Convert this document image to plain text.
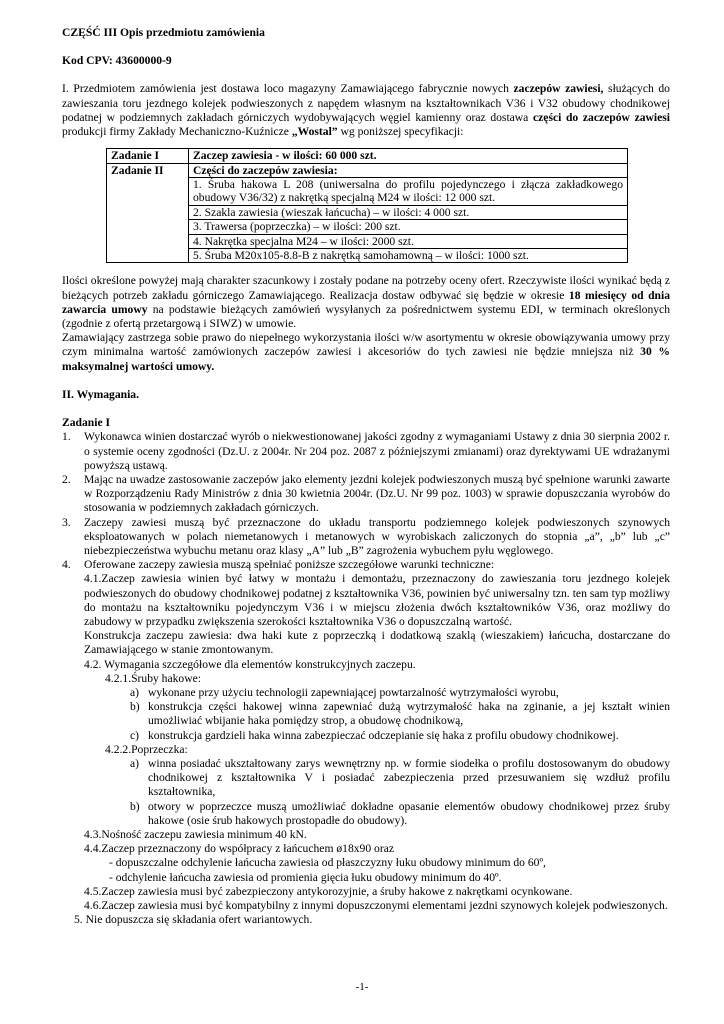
CZĘŚĆ III Opis przedmiotu zamówienia

Kod CPV: 43600000-9

I. Przedmiotem zamówienia jest dostawa loco magazyny Zamawiającego fabrycznie nowych zaczepów zawiesi, służących do zawieszania toru jezdnego kolejek podwieszonych z napędem własnym na kształtownikach V36 i V32 obudowy chodnikowej podatnej w podziemnych zakładach górniczych wydobywających węgiel kamienny oraz dostawa części do zaczepów zawiesi produkcji firmy Zakłady Mechaniczno-Kuźnicze „Wostal” wg poniższej specyfikacji:

Zadanie I	Zaczep zawiesia - w ilości: 60 000 szt.
Zadanie II	Części do zaczepów zawiesia:
	1. Śruba hakowa L 208 (uniwersalna do profilu pojedynczego i złącza zakładkowego obudowy V36/32) z nakrętką specjalną M24 w ilości: 12 000 szt.
	2. Szakla zawiesia (wieszak łańcucha) – w ilości: 4 000 szt.
	3. Trawersa (poprzeczka) – w ilości: 200 szt.
	4. Nakrętka specjalna M24 – w ilości: 2000 szt.
	5. Śruba M20x105-8.8-B z nakrętką samohamowną – w ilości: 1000 szt.

Ilości określone powyżej mają charakter szacunkowy i zostały podane na potrzeby oceny ofert. Rzeczywiste ilości wynikać będą z bieżących potrzeb zakładu górniczego Zamawiającego. Realizacja dostaw odbywać się będzie w okresie 18 miesięcy od dnia zawarcia umowy na podstawie bieżących zamówień wysyłanych za pośrednictwem systemu EDI, w terminach określonych (zgodnie z ofertą przetargową i SIWZ) w umowie.

Zamawiający zastrzega sobie prawo do niepełnego wykorzystania ilości w/w asortymentu w okresie obowiązywania umowy przy czym minimalna wartość zamówionych zaczepów zawiesi i akcesoriów do tych zawiesi nie będzie mniejsza niż 30 % maksymalnej wartości umowy.

II. Wymagania.

Zadanie I

1. Wykonawca winien dostarczać wyrób o niekwestionowanej jakości zgodny z wymaganiami Ustawy z dnia 30 sierpnia 2002 r. o systemie oceny zgodności (Dz.U. z 2004r. Nr 204 poz. 2087 z późniejszymi zmianami) oraz dyrektywami UE wdrażanymi powyższą ustawą.
2. Mając na uwadze zastosowanie zaczepów jako elementy jezdni kolejek podwieszonych muszą być spełnione warunki zawarte w Rozporządzeniu Rady Ministrów z dnia 30 kwietnia 2004r. (Dz.U. Nr 99 poz. 1003) w sprawie dopuszczania wyrobów do stosowania w podziemnych zakładach górniczych.
3. Zaczepy zawiesi muszą być przeznaczone do układu transportu podziemnego kolejek podwieszonych szynowych eksploatowanych w polach niemetanowych i metanowych w wyrobiskach zaliczonych do stopnia „a”, „b” lub „c” niebezpieczeństwa wybuchu metanu oraz klasy „A” lub „B” zagrożenia wybuchem pyłu węglowego.
4. Oferowane zaczepy zawiesia muszą spełniać poniższe szczegółowe warunki techniczne:

4.1.Zaczep zawiesia winien być łatwy w montażu i demontażu, przeznaczony do zawieszania toru jezdnego kolejek podwieszonych do obudowy chodnikowej podatnej z kształtownika V36, powinien być uniwersalny tzn. ten sam typ możliwy do montażu na kształtowniku pojedynczym V36 i w miejscu złożenia dwóch kształtowników V36, oraz możliwy do zabudowy w przypadku zwiększenia szerokości kształtownika V36 o dopuszczalną wartość.

Konstrukcja zaczepu zawiesia: dwa haki kute z poprzeczką i dodatkową szaklą (wieszakiem) łańcucha, dostarczane do Zamawiającego w stanie zmontowanym.

4.2. Wymagania szczegółowe dla elementów konstrukcyjnych zaczepu.

4.2.1.Śruby hakowe:

a) wykonane przy użyciu technologii zapewniającej powtarzalność wytrzymałości wyrobu,
b) konstrukcja części hakowej winna zapewniać dużą wytrzymałość haka na zginanie, a jej kształt winien umożliwiać wbijanie haka pomiędzy strop, a obudowę chodnikową,
c) konstrukcja gardzieli haka winna zabezpieczać odczepianie się haka z profilu obudowy chodnikowej.

4.2.2.Poprzeczka:

a) winna posiadać ukształtowany zarys wewnętrzny np. w formie siodełka o profilu dostosowanym do obudowy chodnikowej z kształtownika V i posiadać zabezpieczenia przed przesuwaniem się wzdłuż profilu kształtownika,
b) otwory w poprzeczce muszą umożliwiać dokładne opasanie elementów obudowy chodnikowej przez śruby hakowe (osie śrub hakowych prostopadłe do obudowy).

4.3.Nośność zaczepu zawiesia minimum 40 kN.

4.4.Zaczep przeznaczony do współpracy z łańcuchem ø18x90 oraz

- dopuszczalne odchylenie łańcucha zawiesia od płaszczyzny łuku obudowy minimum do 60º,

- odchylenie łańcucha zawiesia od promienia gięcia łuku obudowy minimum do 40º.

4.5.Zaczep zawiesia musi być zabezpieczony antykorozyjnie, a śruby hakowe z nakrętkami ocynkowane.

4.6.Zaczep zawiesia musi być kompatybilny z innymi dopuszczonymi elementami jezdni szynowych kolejek podwieszonych.

5. Nie dopuszcza się składania ofert wariantowych.

-1-
